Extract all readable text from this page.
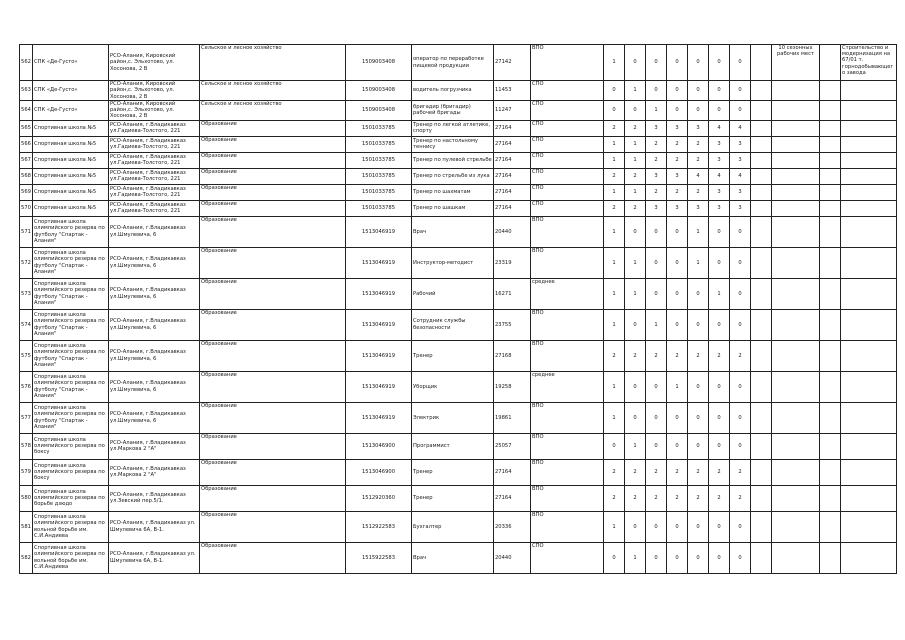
562	СПК «Де-Густо»	РСО-Алания, Кировский район,с. Эльхотово, ул. Хосонова, 2 В	Сельское и лесное хозяйство	1509003408	оператор по переработке пищевой продукции	27142	ВПО	1	0	0	0	0	0	0		10 сезонных рабочих мест		Строительство и модернизация на 67/01 т. горнодобывающего завода
563	СПК «Де-Густо»	РСО-Алания, Кировский район,с. Эльхотово, ул. Хосонова, 2 В	Сельское и лесное хозяйство	1509003408	водитель погрузчика	11453	СПО	0	1	0	0	0	0	0				
564	СПК «Де-Густо»	РСО-Алания, Кировский район,с. Эльхотово, ул. Хосонова, 2 В	Сельское и лесное хозяйство	1509003408	бригадир (бригадир) рабочей бригады	11247	СПО	0	0	1	0	0	0	0				
565	Спортивная школа №5	РСО-Алания, г.Владикавказ ул.Гадиева-Толстого, 221	Образование	1501033785	Тренер по легкой атлетике, спорту	27164	СПО	2	2	3	3	3	4	4				
566	Спортивная школа №5	РСО-Алания, г.Владикавказ ул.Гадиева-Толстого, 221	Образование	1501033785	Тренер по настольному теннису	27164	СПО	1	1	2	2	2	3	3				
567	Спортивная школа №5	РСО-Алания, г.Владикавказ ул.Гадиева-Толстого, 221	Образование	1501033785	Тренер по пулевой стрельбе	27164	СПО	1	1	2	2	2	3	3				
568	Спортивная школа №5	РСО-Алания, г.Владикавказ ул.Гадиева-Толстого, 221	Образование	1501033785	Тренер по стрельбе из лука	27164	СПО	2	2	3	3	4	4	4				
569	Спортивная школа №5	РСО-Алания, г.Владикавказ ул.Гадиева-Толстого, 221	Образование	1501033785	Тренер по шахматам	27164	СПО	1	1	2	2	2	3	3				
570	Спортивная школа №5	РСО-Алания, г.Владикавказ ул.Гадиева-Толстого, 221	Образование	1501033785	Тренер по шашкам	27164	СПО	2	2	3	3	3	3	3				
571	Спортивная школа олимпийского резерва по футболу "Спартак - Алания"	РСО-Алания, г.Владикавказ ул.Шмулевича, 6	Образование	1513046919	Врач	20440	ВПО	1	0	0	0	1	0	0				
572	Спортивная школа олимпийского резерва по футболу "Спартак - Алания"	РСО-Алания, г.Владикавказ ул.Шмулевича, 6	Образование	1513046919	Инструктор-методист	23319	ВПО	1	1	0	0	1	0	0				
573	Спортивная школа олимпийского резерва по футболу "Спартак - Алания"	РСО-Алания, г.Владикавказ ул.Шмулевича, 6	Образование	1513046919	Рабочий	16271	среднее	1	1	0	0	0	1	0				
574	Спортивная школа олимпийского резерва по футболу "Спартак - Алания"	РСО-Алания, г.Владикавказ ул.Шмулевича, 6	Образование	1513046919	Сотрудник службы безопасности	23755	ВПО	1	0	1	0	0	0	0				
575	Спортивная школа олимпийского резерва по футболу "Спартак - Алания"	РСО-Алания, г.Владикавказ ул.Шмулевича, 6	Образование	1513046919	Тренер	27168	ВПО	2	2	2	2	2	2	2				
576	Спортивная школа олимпийского резерва по футболу "Спартак - Алания"	РСО-Алания, г.Владикавказ ул.Шмулевича, 6	Образование	1513046919	Уборщик	19258	среднее	1	0	0	1	0	0	0				
577	Спортивная школа олимпийского резерва по футболу "Спартак - Алания"	РСО-Алания, г.Владикавказ ул.Шмулевича, 6	Образование	1513046919	Электрик	19861	ВПО	1	0	0	0	0	0	0				
578	Спортивная школа олимпийского резерва по боксу	РСО-Алания, г.Владикавказ ул.Маркова 2 "А"	Образование	1513046900	Программист	25057	ВПО	0	1	0	0	0	0	0				
579	Спортивная школа олимпийского резерва по боксу	РСО-Алания, г.Владикавказ ул.Маркова 2 "А"	Образование	1513046900	Тренер	27164	ВПО	2	2	2	2	2	2	2				
580	Спортивная школа олимпийского резерва по борьбе дзюдо	РСО-Алания, г.Владикавказ ул.Зевский пер.5/1.	Образование	1512920360	Тренер	27164	ВПО	2	2	2	2	2	2	2				
581	Спортивная школа олимпийского резерва по вольной борьбе им. С.И.Андиева	РСО-Алания, г.Владикавказ ул. Шмулевича 6А, В-1.	Образование	1512922583	Бухгалтер	20336	ВПО	1	0	0	0	0	0	0				
582	Спортивная школа олимпийского резерва по вольной борьбе им. С.И.Андиева	РСО-Алания, г.Владикавказ ул. Шмулевича 6А, В-1.	Образование	1515922583	Врач	20440	СПО	0	1	0	0	0	0	0				
